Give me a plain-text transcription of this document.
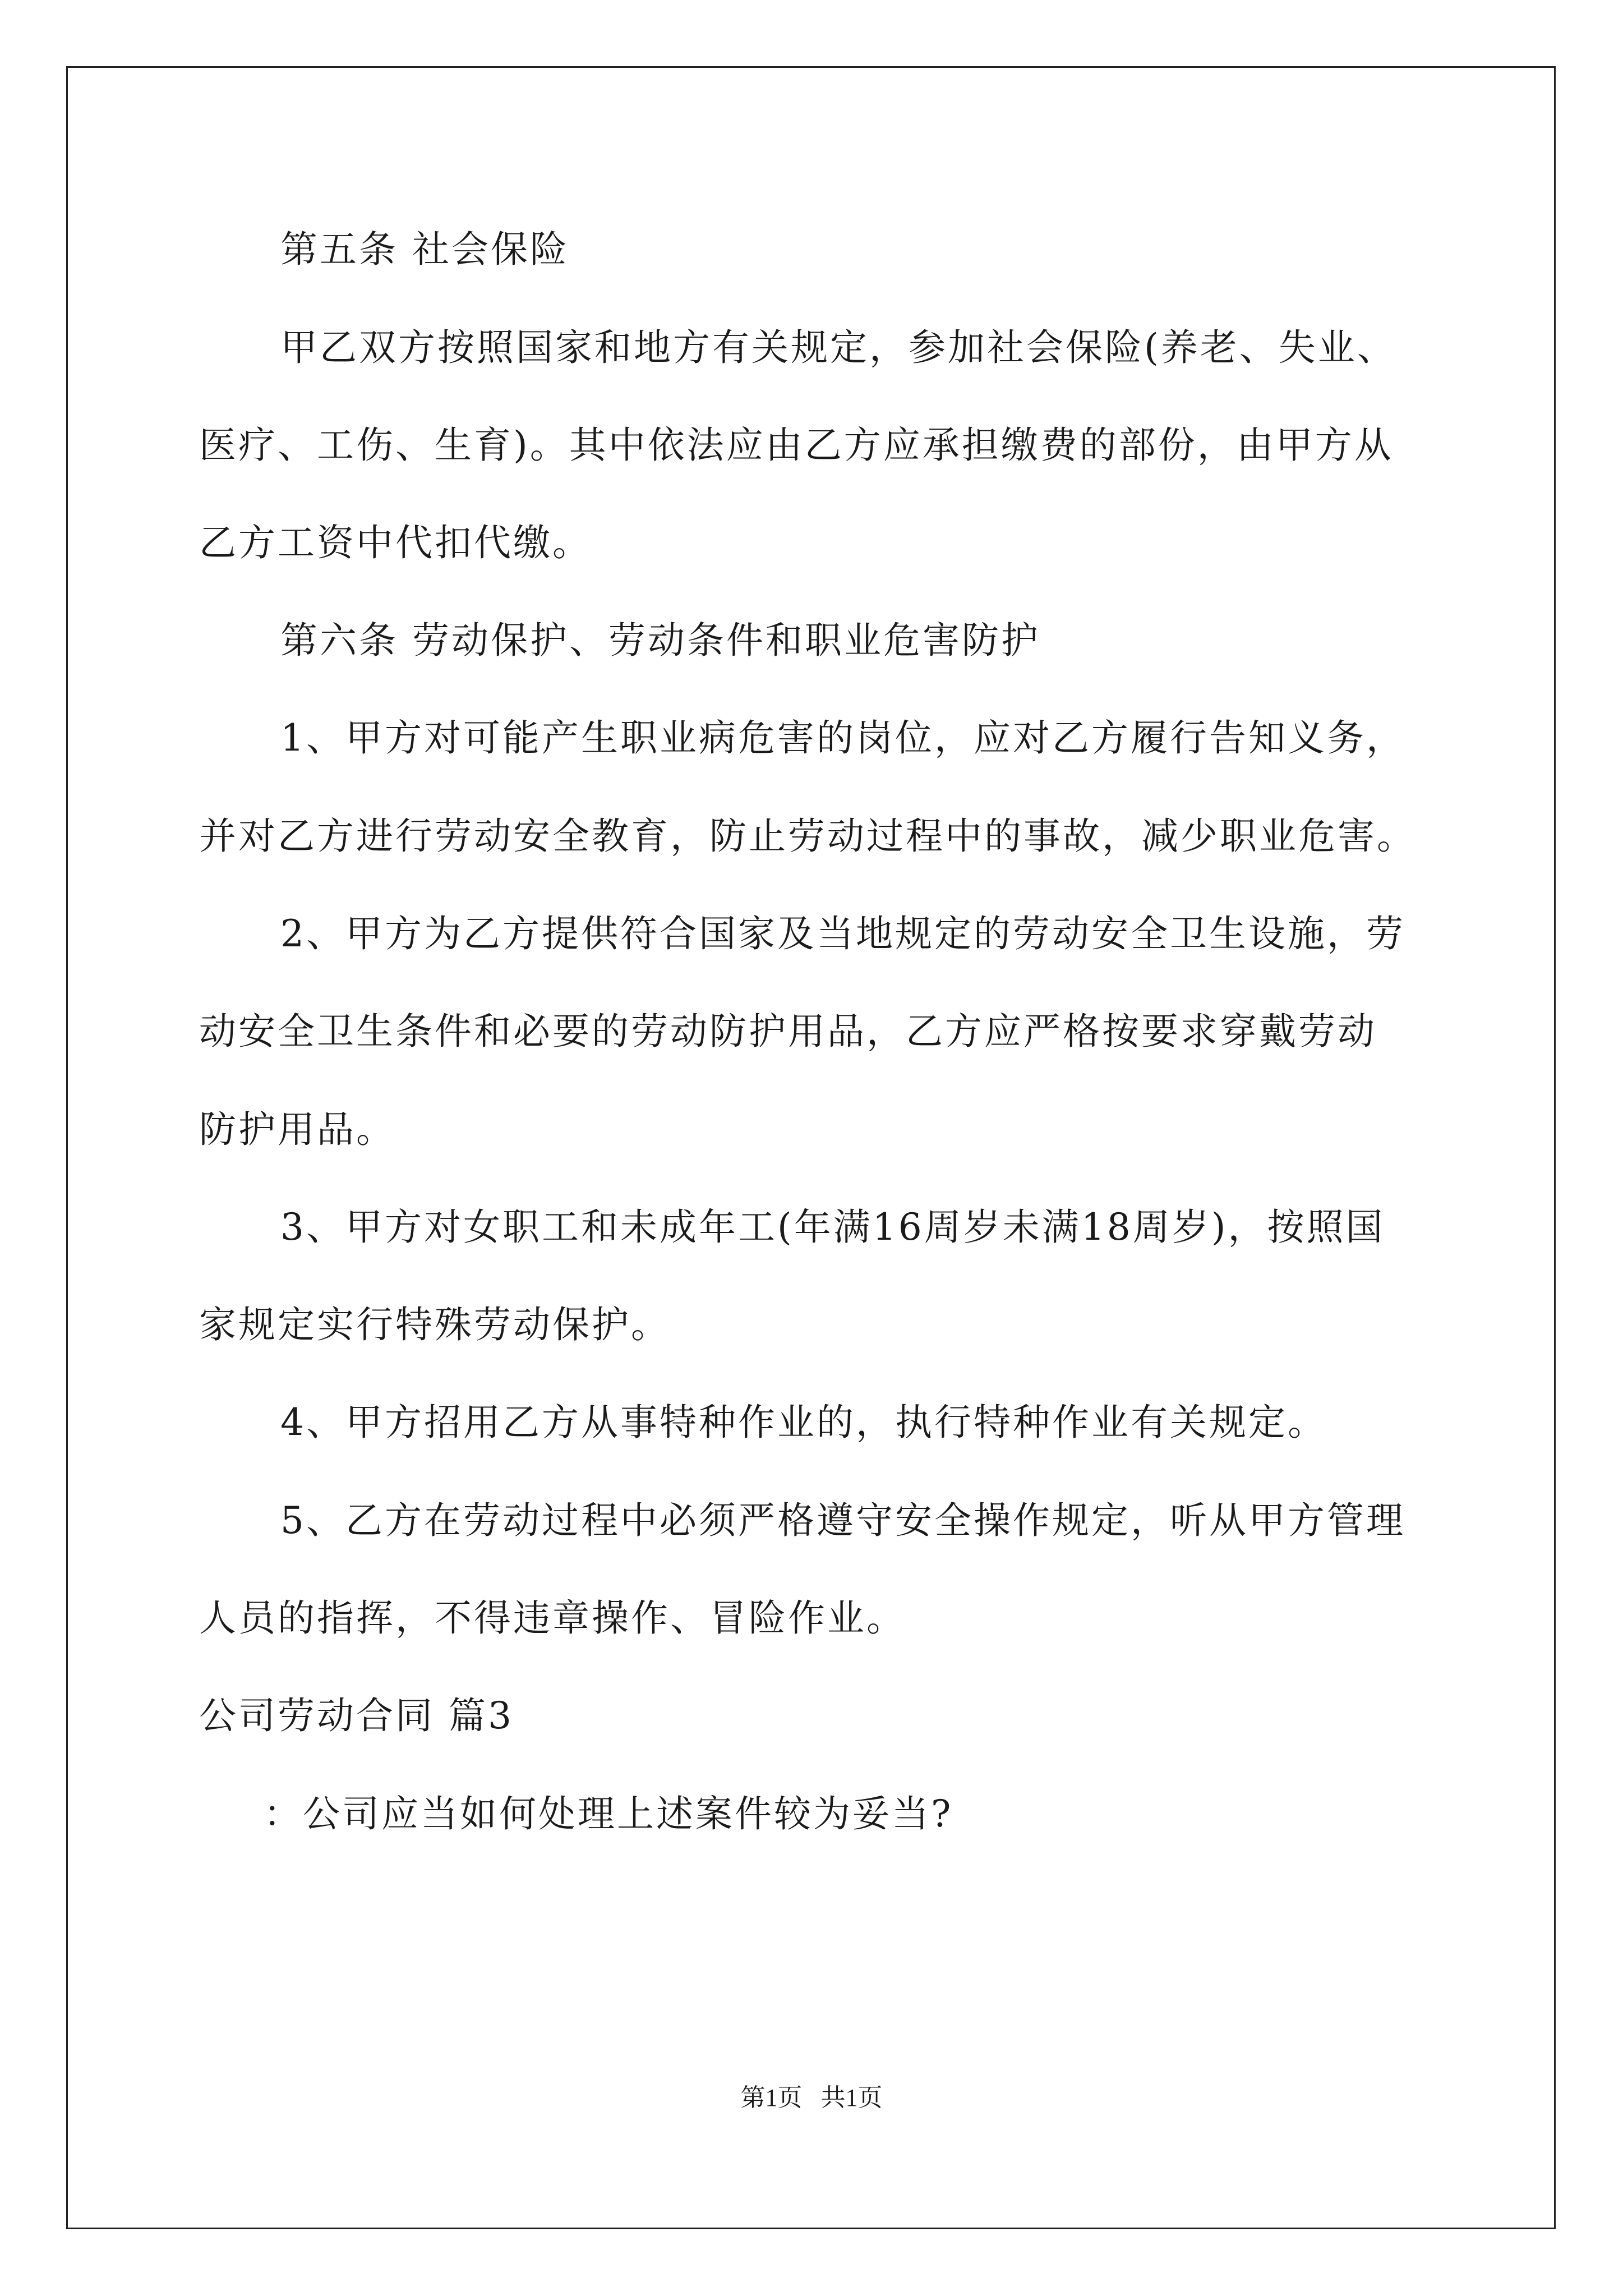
第五条 社会保险
甲乙双方按照国家和地方有关规定，参加社会保险(养老、失业、
医疗、工伤、生育)。其中依法应由乙方应承担缴费的部份，由甲方从
乙方工资中代扣代缴。
第六条 劳动保护、劳动条件和职业危害防护
1、甲方对可能产生职业病危害的岗位，应对乙方履行告知义务，
并对乙方进行劳动安全教育，防止劳动过程中的事故，减少职业危害。
2、甲方为乙方提供符合国家及当地规定的劳动安全卫生设施，劳
动安全卫生条件和必要的劳动防护用品，乙方应严格按要求穿戴劳动
防护用品。
3、甲方对女职工和未成年工(年满16周岁未满18周岁)，按照国
家规定实行特殊劳动保护。
4、甲方招用乙方从事特种作业的，执行特种作业有关规定。
5、乙方在劳动过程中必须严格遵守安全操作规定，听从甲方管理
人员的指挥，不得违章操作、冒险作业。
公司劳动合同 篇3
：公司应当如何处理上述案件较为妥当?
第1页   共1页
